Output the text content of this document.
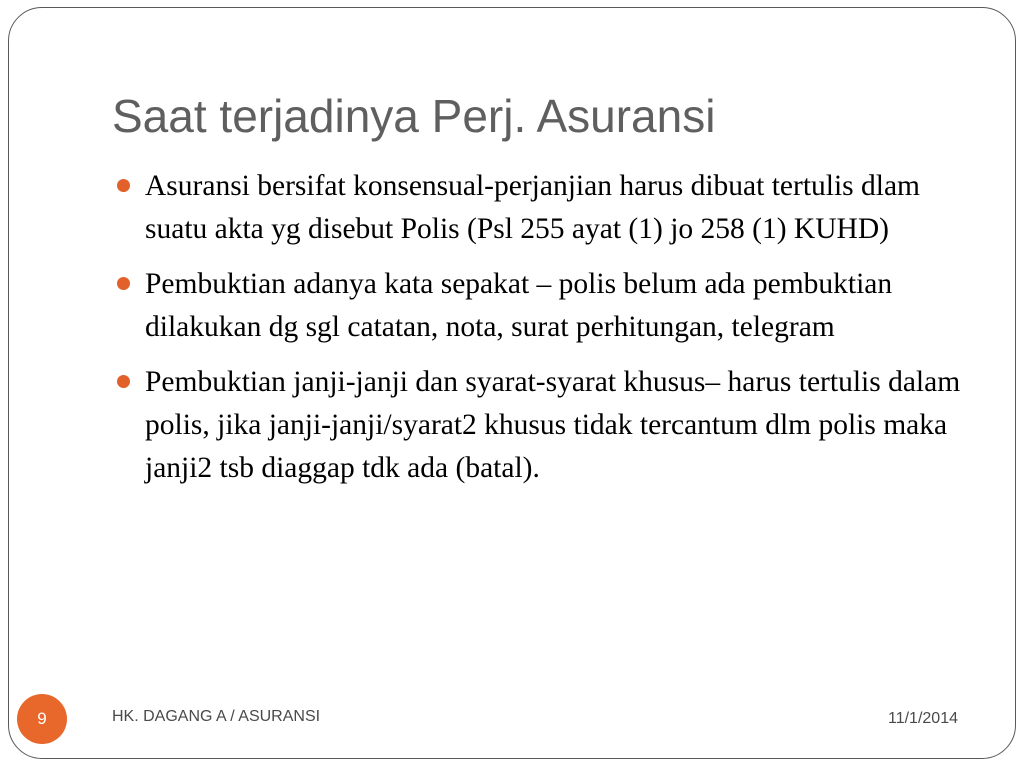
Saat terjadinya Perj. Asuransi
Asuransi bersifat konsensual-perjanjian harus dibuat tertulis dlam suatu akta yg disebut Polis (Psl 255 ayat (1) jo 258 (1) KUHD)
Pembuktian adanya kata sepakat – polis belum ada pembuktian dilakukan dg sgl catatan, nota, surat perhitungan, telegram
Pembuktian janji-janji dan syarat-syarat khusus– harus tertulis dalam polis, jika janji-janji/syarat2 khusus tidak tercantum dlm polis maka janji2 tsb diaggap tdk ada (batal).
9	HK. DAGANG A / ASURANSI	11/1/2014
